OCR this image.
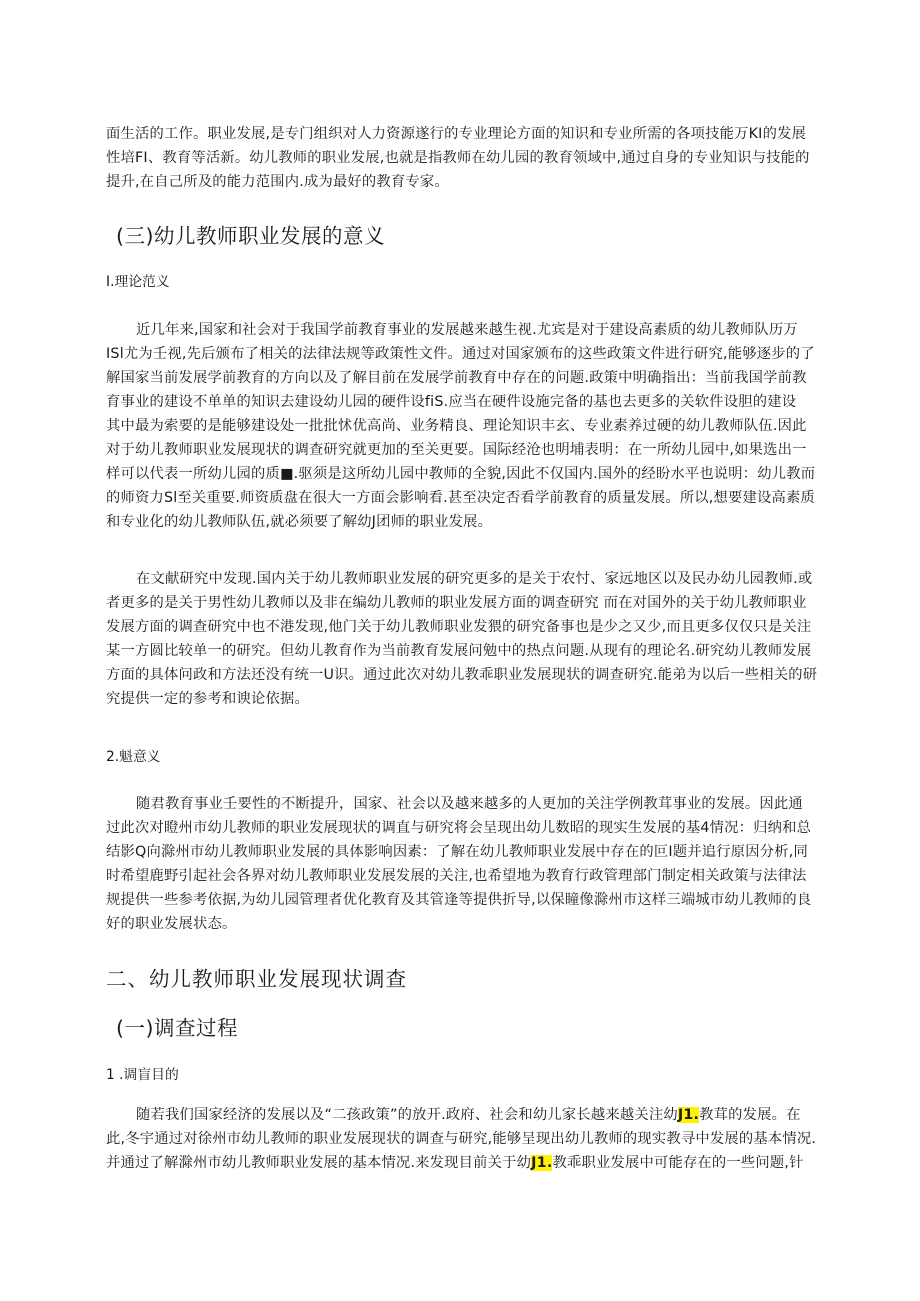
面生活的工作。职业发展,是专门组织对人力资源遂行的专业理论方面的知识和专业所需的各项技能万KI的发展
性培FI、教育等活新。幼儿教师的职业发展,也就是指教师在幼儿园的教育领域中,通过自身的专业知识与技能的
提升,在自己所及的能力范围内.成为最好的教育专家。
(三)幼儿教师职业发展的意义
I.理论范义
近几年来,国家和社会对于我国学前教育事业的发展越来越生视.尤宾是对于建设高素质的幼儿教师队历万
ISl尤为壬视,先后颁布了相关的法律法规等政策性文件。通过对国家颁布的这些政策文件进行研究,能够逐步的了
解国家当前发展学前教育的方向以及了解目前在发展学前教育中存在的问题.政策中明确指出：当前我国学前教
育事业的建设不单单的知识去建设幼儿园的硬件设fiS.应当在硬件设施完备的基也去更多的关软件设胆的建设
其中最为索要的是能够建设处一批批怵优高尚、业务精良、理论知识丰玄、专业素养过硬的幼儿教师队伍.因此
对于幼儿教师职业发展现状的调查研究就更加的至关更要。国际经沧也明埔表明：在一所幼儿园中,如果选出一
样可以代表一所幼儿园的质■.驱须是这所幼儿园中教师的全貌,因此不仅国内.国外的经盼水平也说明：幼儿教而
的师资力Sl至关重要.师资质盘在很大一方面会影响看.甚至决定否看学前教育的质量发展。所以,想要建设高素质
和专业化的幼儿教师队伍,就必须要了解幼J团师的职业发展。
在文献研究中发现.国内关于幼儿教师职业发展的研究更多的是关于农忖、家远地区以及民办幼儿园教师.或
者更多的是关于男性幼儿教师以及非在编幼儿教师的职业发展方面的调查研究 而在对国外的关于幼儿教师职业
发展方面的调查研究中也不港发现,他门关于幼儿教师职业发猥的研究备事也是少之又少,而且更多仅仅只是关注
某一方圆比较单一的研究。但幼儿教育作为当前教育发展问勉中的热点问题.从现有的理论名.研究幼儿教师发展
方面的具体问政和方法还没有统一U识。通过此次对幼儿教乖职业发展现状的调查研究.能弟为以后一些相关的研
究提供一定的参考和谀论依据。
2.魁意义
随君教育事业壬要性的不断提升，国家、社会以及越来越多的人更加的关注学例教茸事业的发展。因此通
过此次对瞪州市幼儿教师的职业发展现状的调直与研究将会呈现出幼儿数昭的现实生发展的基4情况：归纳和总
结影Q向滁州市幼儿教师职业发展的具体影响因素：了解在幼儿教师职业发展中存在的叵I题并追行原因分析,同
时希望鹿野引起社会各界对幼儿教师职业发展发展的关注,也希望地为教育行政管理部门制定相关政策与法律法
规提供一些参考依据,为幼儿园管理者优化教育及其管逢等提供折导,以保瞳像滁州市这样三端城市幼儿教师的良
好的职业发展状态。
二、幼儿教师职业发展现状调查
(一)调查过程
1 .调盲目的
随若我们国家经济的发展以及“二孩政策”的放开.政府、社会和幼儿家长越来越关注幼J1.教茸的发展。在
此,冬宇通过对徐州市幼儿教师的职业发展现状的调查与研究,能够呈现出幼儿教师的现实教寻中发展的基本情况.
并通过了解滁州市幼儿教师职业发展的基本情况.来发现目前关于幼J1.教乖职业发展中可能存在的一些问题,针
